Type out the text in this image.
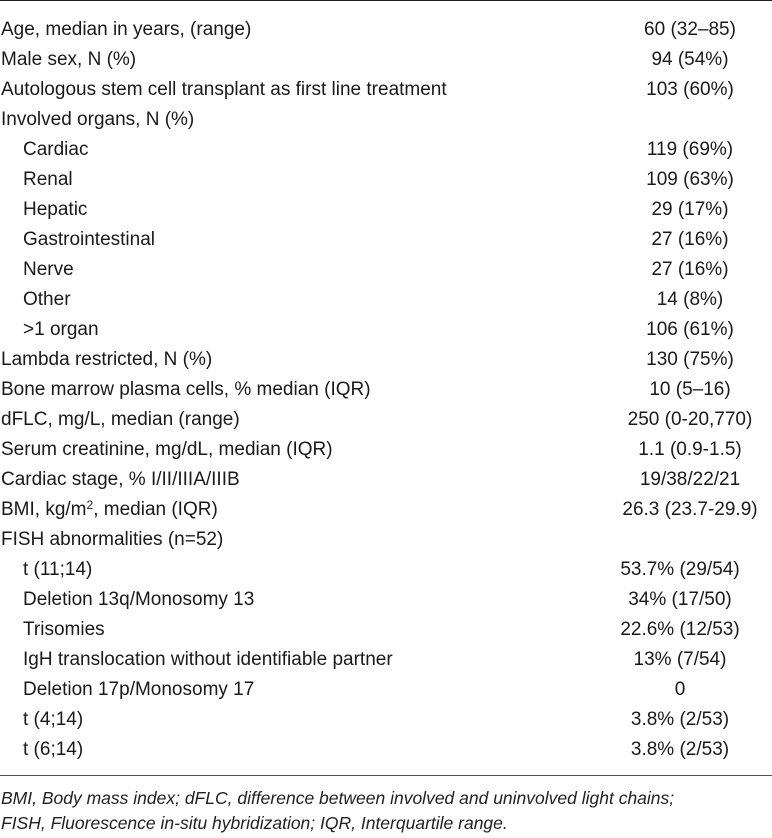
Age, median in years, (range)	60 (32–85)
Male sex, N (%)	94 (54%)
Autologous stem cell transplant as first line treatment	103 (60%)
Involved organs, N (%)
Cardiac	119 (69%)
Renal	109 (63%)
Hepatic	29 (17%)
Gastrointestinal	27 (16%)
Nerve	27 (16%)
Other	14 (8%)
>1 organ	106 (61%)
Lambda restricted, N (%)	130 (75%)
Bone marrow plasma cells, % median (IQR)	10 (5–16)
dFLC, mg/L, median (range)	250 (0-20,770)
Serum creatinine, mg/dL, median (IQR)	1.1 (0.9-1.5)
Cardiac stage, % I/II/IIIA/IIIB	19/38/22/21
BMI, $kg/m^2$, median (IQR)	26.3 (23.7-29.9)
FISH abnormalities (n=52)
t (11;14)	53.7% (29/54)
Deletion 13q/Monosomy 13	34% (17/50)
Trisomies	22.6% (12/53)
IgH translocation without identifiable partner	13% (7/54)
Deletion 17p/Monosomy 17	0
t (4;14)	3.8% (2/53)
t (6;14)	3.8% (2/53)
BMI, Body mass index; dFLC, difference between involved and uninvolved light chains;
FISH, Fluorescence in-situ hybridization; IQR, Interquartile range.
